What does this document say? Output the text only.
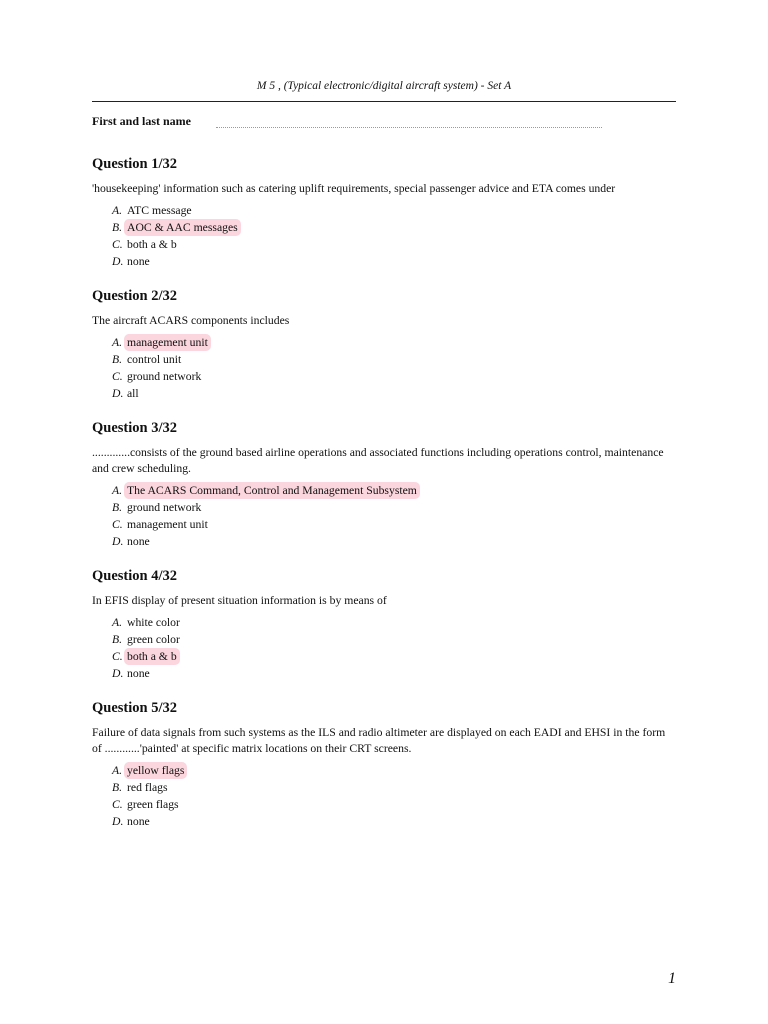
M 5 , (Typical electronic/digital aircraft system) - Set A
First and last name
Question 1/32
'housekeeping' information such as catering uplift requirements, special passenger advice and ETA comes under
A. ATC message
B. AOC & AAC messages
C. both a & b
D. none
Question 2/32
The aircraft ACARS components includes
A. management unit
B. control unit
C. ground network
D. all
Question 3/32
.............consists of the ground based airline operations and associated functions including operations control, maintenance and crew scheduling.
A. The ACARS Command, Control and Management Subsystem
B. ground network
C. management unit
D. none
Question 4/32
In EFIS display of present situation information is by means of
A. white color
B. green color
C. both a & b
D. none
Question 5/32
Failure of data signals from such systems as the ILS and radio altimeter are displayed on each EADI and EHSI in the form of ............'painted' at specific matrix locations on their CRT screens.
A. yellow flags
B. red flags
C. green flags
D. none
1
